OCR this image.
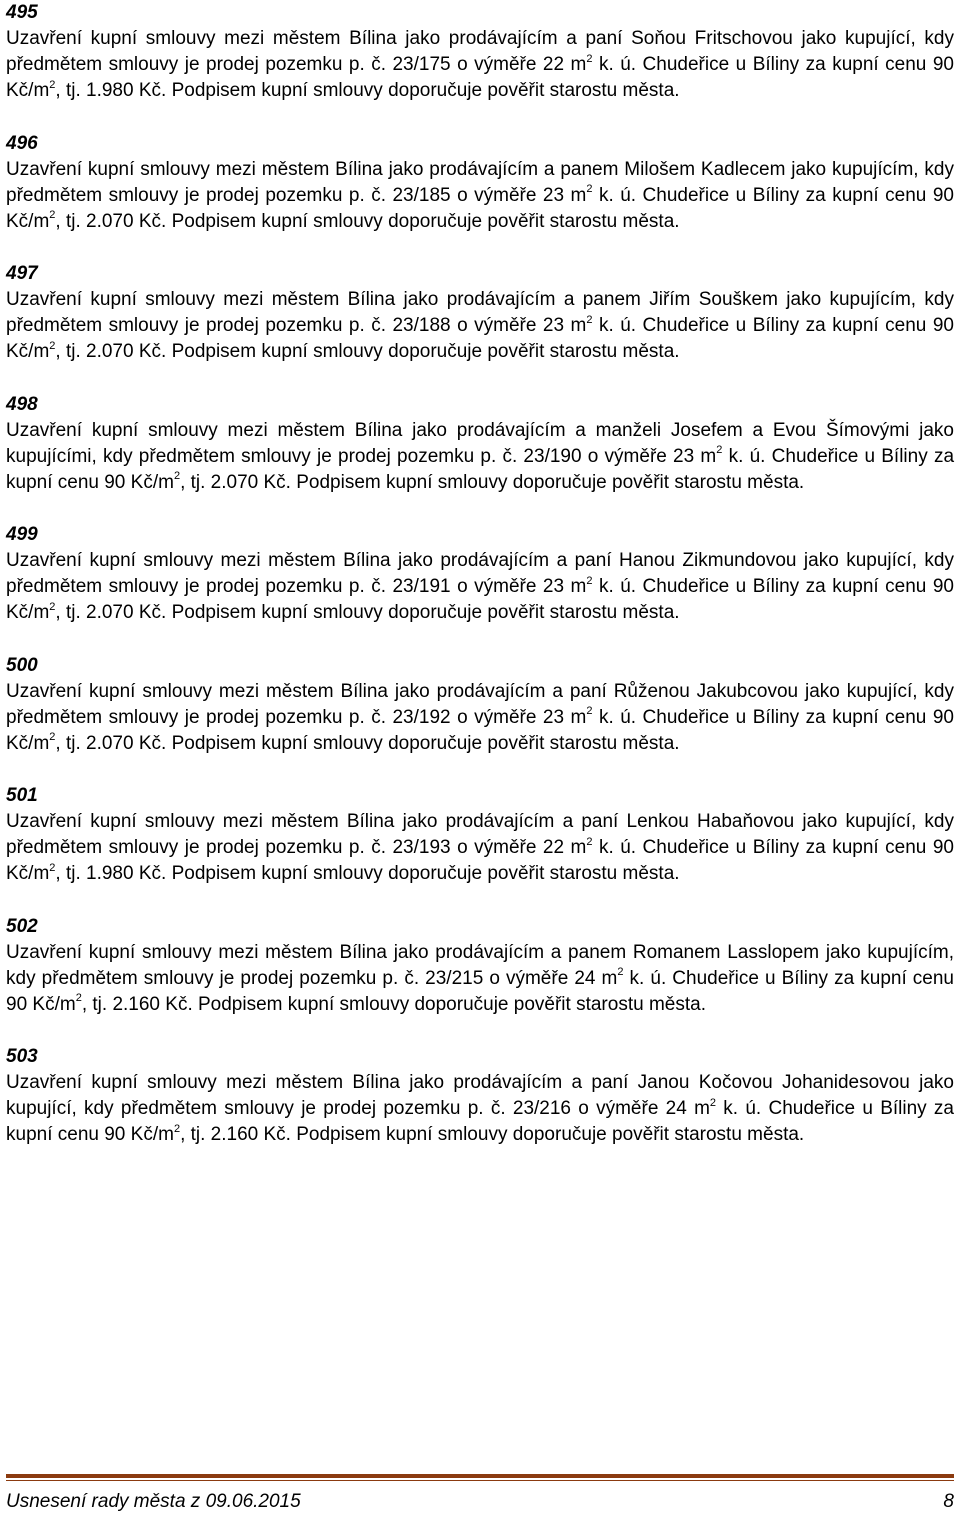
495

Uzavření kupní smlouvy mezi městem Bílina jako prodávajícím a paní Soňou Fritschovou jako kupující, kdy předmětem smlouvy je prodej pozemku p. č. 23/175 o výměře 22 $m^2$ k. ú. Chudeřice u Bíliny za kupní cenu 90 $Kč/m^2$, tj. 1.980 Kč. Podpisem kupní smlouvy doporučuje pověřit starostu města.

496

Uzavření kupní smlouvy mezi městem Bílina jako prodávajícím a panem Milošem Kadlecem jako kupujícím, kdy předmětem smlouvy je prodej pozemku p. č. 23/185 o výměře 23 $m^2$ k. ú. Chudeřice u Bíliny za kupní cenu 90 $Kč/m^2$, tj. 2.070 Kč. Podpisem kupní smlouvy doporučuje pověřit starostu města.

497

Uzavření kupní smlouvy mezi městem Bílina jako prodávajícím a panem Jiřím Souškem jako kupujícím, kdy předmětem smlouvy je prodej pozemku p. č. 23/188 o výměře 23 $m^2$ k. ú. Chudeřice u Bíliny za kupní cenu 90 $Kč/m^2$, tj. 2.070 Kč. Podpisem kupní smlouvy doporučuje pověřit starostu města.

498

Uzavření kupní smlouvy mezi městem Bílina jako prodávajícím a manželi Josefem a Evou Šímovými jako kupujícími, kdy předmětem smlouvy je prodej pozemku p. č. 23/190 o výměře 23 $m^2$ k. ú. Chudeřice u Bíliny za kupní cenu 90 $Kč/m^2$, tj. 2.070 Kč. Podpisem kupní smlouvy doporučuje pověřit starostu města.

499

Uzavření kupní smlouvy mezi městem Bílina jako prodávajícím a paní Hanou Zikmundovou jako kupující, kdy předmětem smlouvy je prodej pozemku p. č. 23/191 o výměře 23 $m^2$ k. ú. Chudeřice u Bíliny za kupní cenu 90 $Kč/m^2$, tj. 2.070 Kč. Podpisem kupní smlouvy doporučuje pověřit starostu města.

500

Uzavření kupní smlouvy mezi městem Bílina jako prodávajícím a paní Růženou Jakubcovou jako kupující, kdy předmětem smlouvy je prodej pozemku p. č. 23/192 o výměře 23 $m^2$ k. ú. Chudeřice u Bíliny za kupní cenu 90 $Kč/m^2$, tj. 2.070 Kč. Podpisem kupní smlouvy doporučuje pověřit starostu města.

501

Uzavření kupní smlouvy mezi městem Bílina jako prodávajícím a paní Lenkou Habaňovou jako kupující, kdy předmětem smlouvy je prodej pozemku p. č. 23/193 o výměře 22 $m^2$ k. ú. Chudeřice u Bíliny za kupní cenu 90 $Kč/m^2$, tj. 1.980 Kč. Podpisem kupní smlouvy doporučuje pověřit starostu města.

502

Uzavření kupní smlouvy mezi městem Bílina jako prodávajícím a panem Romanem Lasslopem jako kupujícím, kdy předmětem smlouvy je prodej pozemku p. č. 23/215 o výměře 24 $m^2$ k. ú. Chudeřice u Bíliny za kupní cenu 90 $Kč/m^2$, tj. 2.160 Kč. Podpisem kupní smlouvy doporučuje pověřit starostu města.

503

Uzavření kupní smlouvy mezi městem Bílina jako prodávajícím a paní Janou Kočovou Johanidesovou jako kupující, kdy předmětem smlouvy je prodej pozemku p. č. 23/216 o výměře 24 $m^2$ k. ú. Chudeřice u Bíliny za kupní cenu 90 $Kč/m^2$, tj. 2.160 Kč. Podpisem kupní smlouvy doporučuje pověřit starostu města.

Usnesení rady města z 09.06.2015	8
